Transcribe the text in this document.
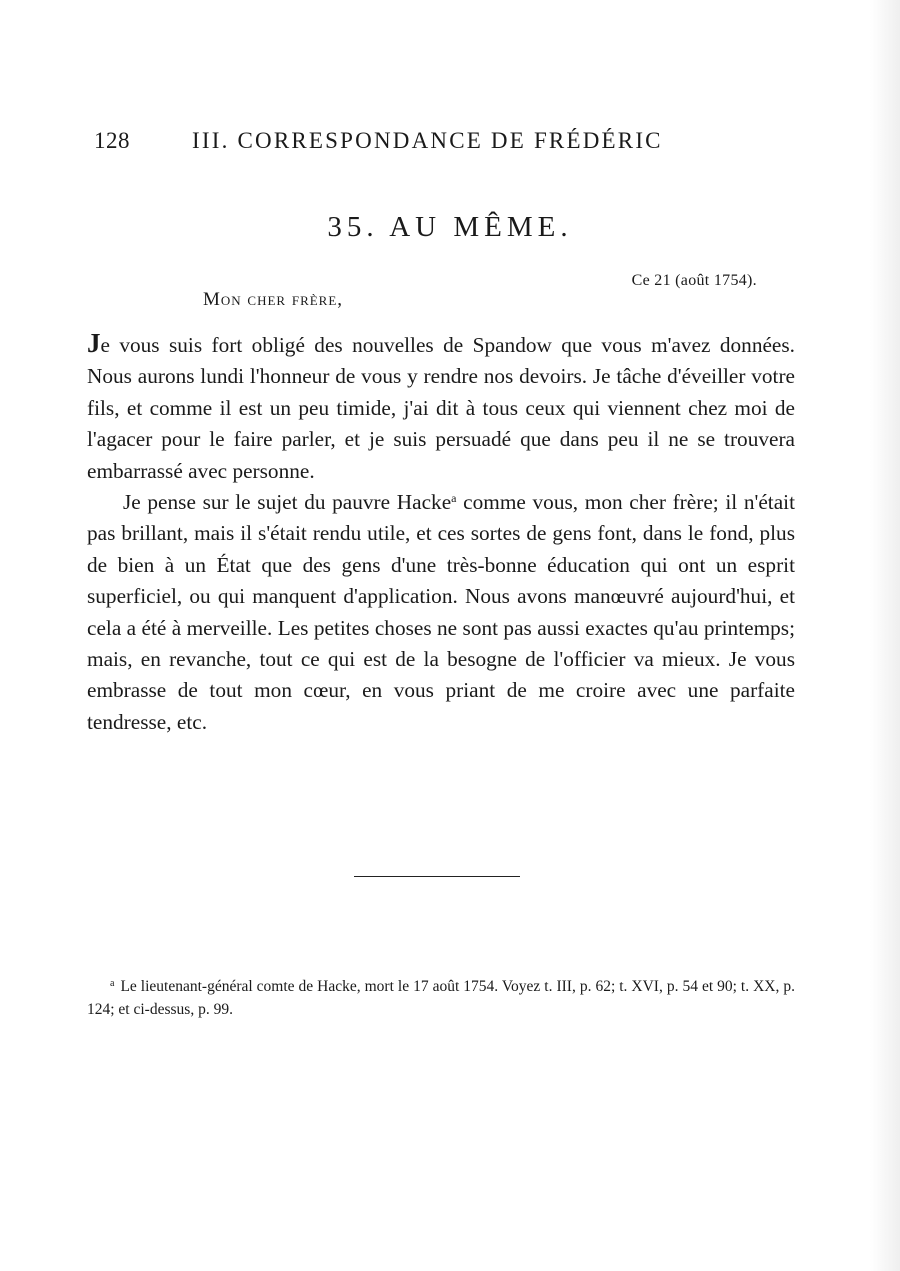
128	III. CORRESPONDANCE DE FRÉDÉRIC
35. AU MÊME.
Ce 21 (août 1754).
Mon cher frère,

Je vous suis fort obligé des nouvelles de Spandow que vous m'avez données. Nous aurons lundi l'honneur de vous y rendre nos devoirs. Je tâche d'éveiller votre fils, et comme il est un peu timide, j'ai dit à tous ceux qui viennent chez moi de l'agacer pour le faire parler, et je suis persuadé que dans peu il ne se trouvera embarrassé avec personne.

Je pense sur le sujet du pauvre Hacke$^a$ comme vous, mon cher frère; il n'était pas brillant, mais il s'était rendu utile, et ces sortes de gens font, dans le fond, plus de bien à un État que des gens d'une très-bonne éducation qui ont un esprit superficiel, ou qui manquent d'application. Nous avons manœuvré aujourd'hui, et cela a été à merveille. Les petites choses ne sont pas aussi exactes qu'au printemps; mais, en revanche, tout ce qui est de la besogne de l'officier va mieux. Je vous embrasse de tout mon cœur, en vous priant de me croire avec une parfaite tendresse, etc.

$^a$ Le lieutenant-général comte de Hacke, mort le 17 août 1754. Voyez t. III, p. 62; t. XVI, p. 54 et 90; t. XX, p. 124; et ci-dessus, p. 99.
